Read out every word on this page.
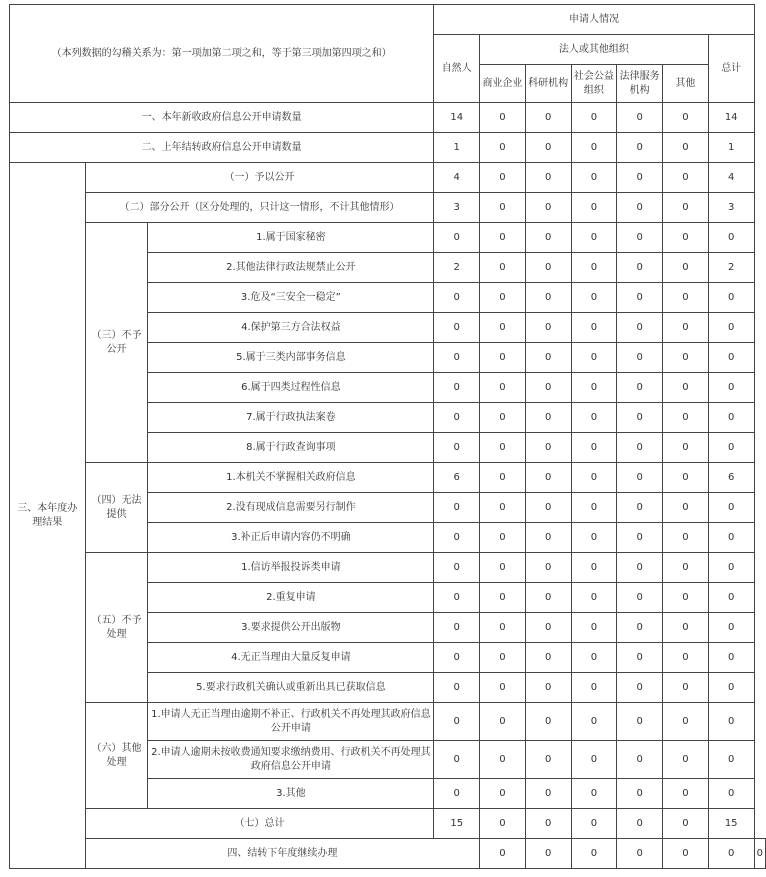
（本列数据的勾稽关系为：第一项加第二项之和，等于第三项加第四项之和）			申请人情况							
			自然人	法人或其他组织					总计	
				商业企业	科研机构	社会公益组织	法律服务机构	其他		
一、本年新收政府信息公开申请数量			14	0	0	0	0	0	14	
二、上年结转政府信息公开申请数量			1	0	0	0	0	0	1	
三、本年度办理结果	（一）予以公开		4	0	0	0	0	0	4	
	（二）部分公开（区分处理的，只计这一情形，不计其他情形）		3	0	0	0	0	0	3	
	（三）不予公开	1.属于国家秘密	0	0	0	0	0	0	0	
		2.其他法律行政法规禁止公开	2	0	0	0	0	0	2	
		3.危及“三安全一稳定”	0	0	0	0	0	0	0	
		4.保护第三方合法权益	0	0	0	0	0	0	0	
		5.属于三类内部事务信息	0	0	0	0	0	0	0	
		6.属于四类过程性信息	0	0	0	0	0	0	0	
		7.属于行政执法案卷	0	0	0	0	0	0	0	
		8.属于行政查询事项	0	0	0	0	0	0	0	
	（四）无法提供	1.本机关不掌握相关政府信息	6	0	0	0	0	0	6	
		2.没有现成信息需要另行制作	0	0	0	0	0	0	0	
		3.补正后申请内容仍不明确	0	0	0	0	0	0	0	
	（五）不予处理	1.信访举报投诉类申请	0	0	0	0	0	0	0	
		2.重复申请	0	0	0	0	0	0	0	
		3.要求提供公开出版物	0	0	0	0	0	0	0	
		4.无正当理由大量反复申请	0	0	0	0	0	0	0	
		5.要求行政机关确认或重新出具已获取信息	0	0	0	0	0	0	0	
	（六）其他处理	1.申请人无正当理由逾期不补正、行政机关不再处理其政府信息公开申请	0	0	0	0	0	0	0	
		2.申请人逾期未按收费通知要求缴纳费用、行政机关不再处理其政府信息公开申请	0	0	0	0	0	0	0	
		3.其他	0	0	0	0	0	0	0	
	（七）总计		15	0	0	0	0	0	15	
	四、结转下年度继续办理			0	0	0	0	0	0	0
